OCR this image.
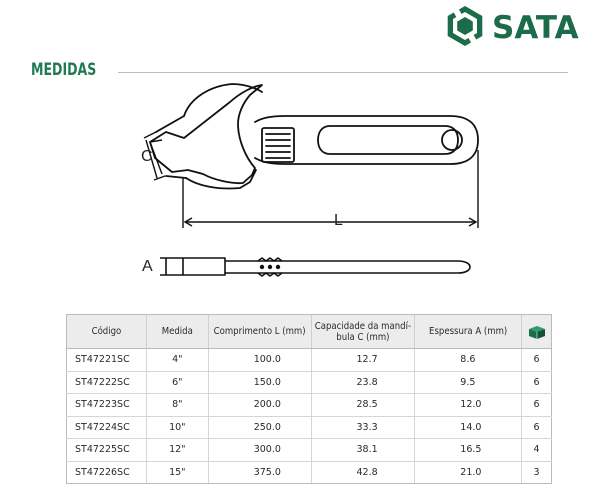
SATA
MEDIDAS
C
L
A
Código	Medida	Comprimento L (mm)	Capacidade da mandí-
bula C (mm)	Espessura A (mm)	
ST47221SC	4"	100.0	12.7	8.6	6
ST47222SC	6"	150.0	23.8	9.5	6
ST47223SC	8"	200.0	28.5	12.0	6
ST47224SC	10"	250.0	33.3	14.0	6
ST47225SC	12"	300.0	38.1	16.5	4
ST47226SC	15"	375.0	42.8	21.0	3
